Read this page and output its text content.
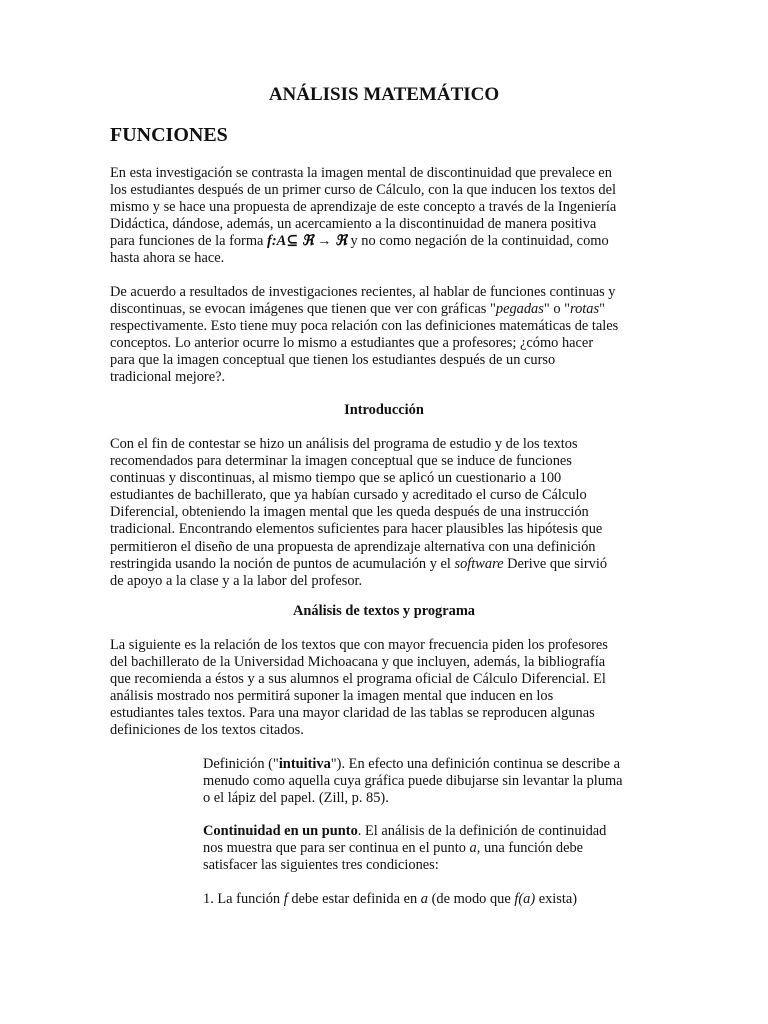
ANÁLISIS MATEMÁTICO
FUNCIONES

En esta investigación se contrasta la imagen mental de discontinuidad que prevalece en
los estudiantes después de un primer curso de Cálculo, con la que inducen los textos del
mismo y se hace una propuesta de aprendizaje de este concepto a través de la Ingeniería
Didáctica, dándose, además, un acercamiento a la discontinuidad de manera positiva
para funciones de la forma f:A⊆ ℜ → ℜ y no como negación de la continuidad, como
hasta ahora se hace.

De acuerdo a resultados de investigaciones recientes, al hablar de funciones continuas y
discontinuas, se evocan imágenes que tienen que ver con gráficas "pegadas" o "rotas"
respectivamente. Esto tiene muy poca relación con las definiciones matemáticas de tales
conceptos. Lo anterior ocurre lo mismo a estudiantes que a profesores; ¿cómo hacer
para que la imagen conceptual que tienen los estudiantes después de un curso
tradicional mejore?.

Introducción

Con el fin de contestar se hizo un análisis del programa de estudio y de los textos
recomendados para determinar la imagen conceptual que se induce de funciones
continuas y discontinuas, al mismo tiempo que se aplicó un cuestionario a 100
estudiantes de bachillerato, que ya habían cursado y acreditado el curso de Cálculo
Diferencial, obteniendo la imagen mental que les queda después de una instrucción
tradicional. Encontrando elementos suficientes para hacer plausibles las hipótesis que
permitieron el diseño de una propuesta de aprendizaje alternativa con una definición
restringida usando la noción de puntos de acumulación y el software Derive que sirvió
de apoyo a la clase y a la labor del profesor.

Análisis de textos y programa

La siguiente es la relación de los textos que con mayor frecuencia piden los profesores
del bachillerato de la Universidad Michoacana y que incluyen, además, la bibliografía
que recomienda a éstos y a sus alumnos el programa oficial de Cálculo Diferencial. El
análisis mostrado nos permitirá suponer la imagen mental que inducen en los
estudiantes tales textos. Para una mayor claridad de las tablas se reproducen algunas
definiciones de los textos citados.

Definición ("intuitiva"). En efecto una definición continua se describe a
menudo como aquella cuya gráfica puede dibujarse sin levantar la pluma
o el lápiz del papel. (Zill, p. 85).

Continuidad en un punto. El análisis de la definición de continuidad
nos muestra que para ser continua en el punto a, una función debe
satisfacer las siguientes tres condiciones:

1. La función f debe estar definida en a (de modo que f(a) exista)
